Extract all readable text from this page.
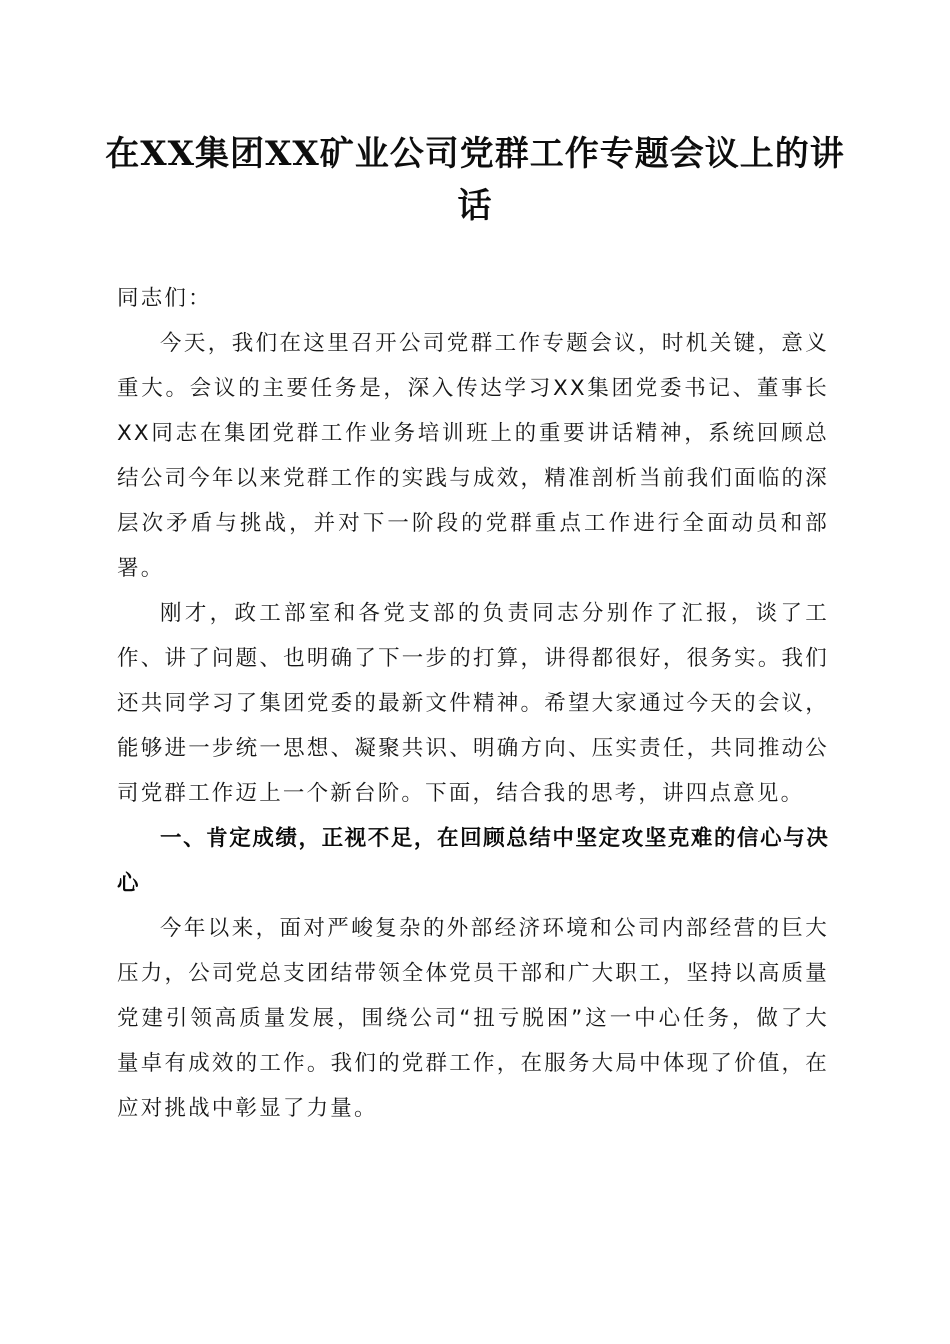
在XX集团XX矿业公司党群工作专题会议上的讲话

同志们：

今天，我们在这里召开公司党群工作专题会议，时机关键，意义重大。会议的主要任务是，深入传达学习XX集团党委书记、董事长XX同志在集团党群工作业务培训班上的重要讲话精神，系统回顾总结公司今年以来党群工作的实践与成效，精准剖析当前我们面临的深层次矛盾与挑战，并对下一阶段的党群重点工作进行全面动员和部署。

刚才，政工部室和各党支部的负责同志分别作了汇报，谈了工作、讲了问题、也明确了下一步的打算，讲得都很好，很务实。我们还共同学习了集团党委的最新文件精神。希望大家通过今天的会议，能够进一步统一思想、凝聚共识、明确方向、压实责任，共同推动公司党群工作迈上一个新台阶。下面，结合我的思考，讲四点意见。

一、肯定成绩，正视不足，在回顾总结中坚定攻坚克难的信心与决心

今年以来，面对严峻复杂的外部经济环境和公司内部经营的巨大压力，公司党总支团结带领全体党员干部和广大职工，坚持以高质量党建引领高质量发展，围绕公司“扭亏脱困”这一中心任务，做了大量卓有成效的工作。我们的党群工作，在服务大局中体现了价值，在应对挑战中彰显了力量。
